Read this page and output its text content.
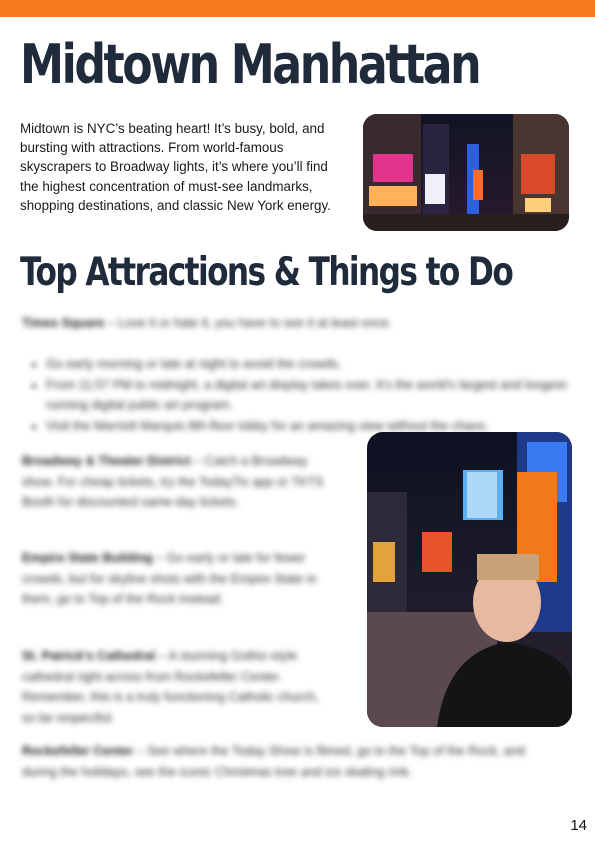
Midtown Manhattan

Midtown is NYC’s beating heart! It’s busy, bold, and bursting with attractions. From world-famous skyscrapers to Broadway lights, it’s where you’ll find the highest concentration of must-see landmarks, shopping destinations, and classic New York energy.

Top Attractions & Things to Do
Times Square – Love it or hate it, you have to see it at least once.
• Go early morning or late at night to avoid the crowds.
• From 11:57 PM to midnight, a digital art display takes over. It’s the world’s largest and longest-running digital public art program.
• Visit the Marriott Marquis 8th-floor lobby for an amazing view without the chaos.
Broadway & Theater District – Catch a Broadway show. For cheap tickets, try the TodayTix app or TKTS Booth for discounted same-day tickets.
Empire State Building – Go early or late for fewer crowds, but for skyline shots with the Empire State in them, go to Top of the Rock instead.
St. Patrick’s Cathedral – A stunning Gothic-style cathedral right across from Rockefeller Center. Remember, this is a truly functioning Catholic church, so be respectful.
Rockefeller Center – See where the Today Show is filmed, go to the Top of the Rock, and during the holidays, see the iconic Christmas tree and ice skating rink.
14
